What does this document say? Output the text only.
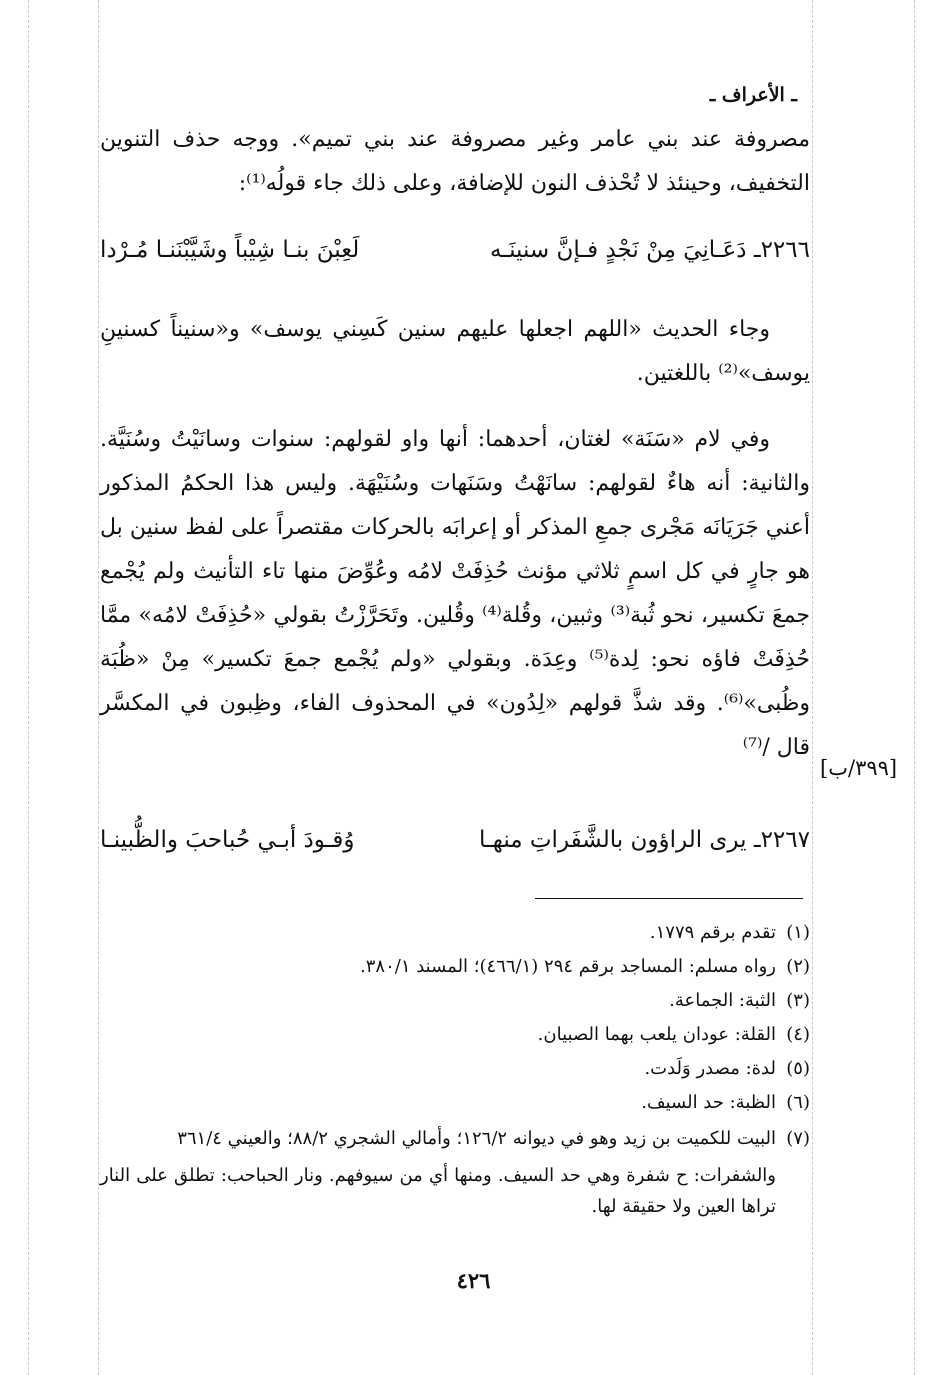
ـ الأعراف ـ

مصروفة عند بني عامر وغير مصروفة عند بني تميم». ووجه حذف التنوين التخفيف، وحينئذ لا تُحْذف النون للإضافة، وعلى ذلك جاء قولُه⁽¹⁾:

٢٢٦٦ـ دَعَـانِيَ مِنْ نَجْدٍ فـإنَّ سنينَـه
لَعِبْنَ بنـا شِيْباً وشَيَّبْنَنـا مُـرْدا

وجاء الحديث «اللهم اجعلها عليهم سنين كَسِني يوسف» و«سنيناً كسنينِ يوسف»⁽²⁾ باللغتين.

وفي لام «سَنَة» لغتان، أحدهما: أنها واو لقولهم: سنوات وسانَيْتُ وسُنَيَّة. والثانية: أنه هاءٌ لقولهم: سانَهْتُ وسَنَهات وسُنَيْهَة. وليس هذا الحكمُ المذكور أعني جَرَيَانَه مَجْرى جمعِ المذكر أو إعرابَه بالحركات مقتصراً على لفظ سنين بل هو جارٍ في كل اسمٍ ثلاثي مؤنث حُذِفَتْ لامُه وعُوِّضَ منها تاء التأنيث ولم يُجْمع جمعَ تكسير، نحو ثُبة⁽³⁾ وثبين، وقُلة⁽⁴⁾ وقُلين. وتَحَرَّزْتُ بقولي «حُذِفَتْ لامُه» ممَّا حُذِفَتْ فاؤه نحو: لِدة⁽⁵⁾ وعِدَة. وبقولي «ولم يُجْمع جمعَ تكسير» مِنْ «ظُبَة وظُبى»⁽⁶⁾. وقد شذَّ قولهم «لِدُون» في المحذوف الفاء، وظِبون في المكسَّر قال /⁽⁷⁾

[٣٩٩/ب]
٢٢٦٧ـ يرى الراؤون بالشَّفَراتِ منهـا
وُقـودَ أبـي حُباحبَ والظُّبينـا
(١)تقدم برقم ١٧٧٩.
(٢)رواه مسلم: المساجد برقم ٢٩٤ (٤٦٦/١)؛ المسند ٣٨٠/١.
(٣)الثبة: الجماعة.
(٤)القلة: عودان يلعب بهما الصبيان.
(٥)لدة: مصدر وَلَدت.
(٦)الظبة: حد السيف.
(٧)البيت للكميت بن زيد وهو في ديوانه ١٢٦/٢؛ وأمالي الشجري ٨٨/٢؛ والعيني ٣٦١/٤

والشفرات: ح شفرة وهي حد السيف. ومنها أي من سيوفهم. ونار الحباحب: تطلق على النار تراها العين ولا حقيقة لها.

٤٢٦
